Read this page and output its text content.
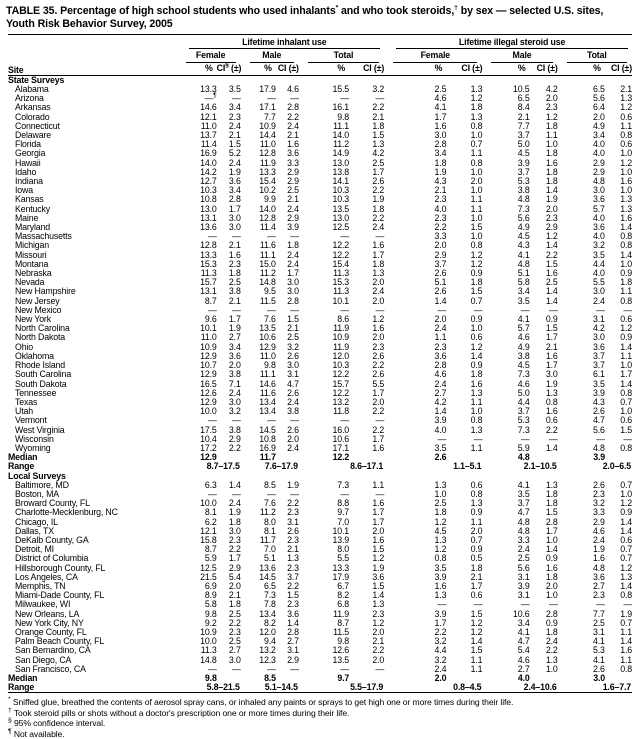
TABLE 35. Percentage of high school students who used inhalants* and who took steroids,† by sex — selected U.S. sites, Youth Risk Behavior Survey, 2005
Site	Lifetime inhalant use						Lifetime illegal steroid use					

	Female		Male		Total		Female		Male		Total	

	%	CI§ (±)	%	CI (±)	%	CI (±)	%	CI (±)	%	CI (±)	%	CI (±)
State Surveys												
Alabama	13.3	3.5	17.9	4.6	15.5	3.2	2.5	1.3	10.5	4.2	6.5	2.1
Arizona	—¶	—	—	—	—	—	4.6	1.2	6.5	2.0	5.6	1.3
Arkansas	14.6	3.4	17.1	2.8	16.1	2.2	4.1	1.8	8.4	2.3	6.4	1.2
Colorado	12.1	2.3	7.7	2.2	9.8	2.1	1.7	1.3	2.1	1.2	2.0	0.6
Connecticut	11.0	2.4	10.9	2.4	11.1	1.8	1.6	0.8	7.7	1.8	4.9	1.1
Delaware	13.7	2.1	14.4	2.1	14.0	1.5	3.0	1.0	3.7	1.1	3.4	0.8
Florida	11.4	1.5	11.0	1.6	11.2	1.3	2.8	0.7	5.0	1.0	4.0	0.6
Georgia	16.9	5.2	12.8	3.6	14.9	4.2	3.4	1.1	4.5	1.8	4.0	1.0
Hawaii	14.0	2.4	11.9	3.3	13.0	2.5	1.8	0.8	3.9	1.6	2.9	1.2
Idaho	14.2	1.9	13.3	2.9	13.8	1.7	1.9	1.0	3.7	1.8	2.9	1.0
Indiana	12.7	3.6	15.4	2.9	14.1	2.6	4.3	2.0	5.3	1.8	4.8	1.6
Iowa	10.3	3.4	10.2	2.5	10.3	2.2	2.1	1.0	3.8	1.4	3.0	1.0
Kansas	10.8	2.8	9.9	2.1	10.3	1.9	2.3	1.1	4.8	1.9	3.6	1.3
Kentucky	13.0	1.7	14.0	2.4	13.5	1.8	4.0	1.1	7.3	2.0	5.7	1.3
Maine	13.1	3.0	12.8	2.9	13.0	2.2	2.3	1.0	5.6	2.3	4.0	1.6
Maryland	13.6	3.0	11.4	3.9	12.5	2.4	2.2	1.5	4.9	2.9	3.6	1.4
Massachusetts	—	—	—	—	—	—	3.3	1.0	4.5	1.2	4.0	0.8
Michigan	12.8	2.1	11.6	1.8	12.2	1.6	2.0	0.8	4.3	1.4	3.2	0.8
Missouri	13.3	1.6	11.1	2.4	12.2	1.7	2.9	1.2	4.1	2.2	3.5	1.4
Montana	15.3	2.3	15.0	2.4	15.4	1.8	3.7	1.2	4.8	1.5	4.4	1.0
Nebraska	11.3	1.8	11.2	1.7	11.3	1.3	2.6	0.9	5.1	1.6	4.0	0.9
Nevada	15.7	2.5	14.8	3.0	15.3	2.0	5.1	1.8	5.8	2.5	5.5	1.8
New Hampshire	13.1	3.8	9.5	3.0	11.3	2.4	2.6	1.5	3.4	1.4	3.0	1.1
New Jersey	8.7	2.1	11.5	2.8	10.1	2.0	1.4	0.7	3.5	1.4	2.4	0.8
New Mexico	—	—	—	—	—	—	—	—	—	—	—	—
New York	9.6	1.7	7.6	1.5	8.6	1.2	2.0	0.9	4.1	0.9	3.1	0.6
North Carolina	10.1	1.9	13.5	2.1	11.9	1.6	2.4	1.0	5.7	1.5	4.2	1.2
North Dakota	11.0	2.7	10.6	2.5	10.9	2.0	1.1	0.6	4.6	1.7	3.0	0.9
Ohio	10.9	3.4	12.9	3.2	11.9	2.3	2.3	1.2	4.9	2.1	3.6	1.4
Oklahoma	12.9	3.6	11.0	2.6	12.0	2.6	3.6	1.4	3.8	1.6	3.7	1.1
Rhode Island	10.7	2.0	9.8	3.0	10.3	2.2	2.8	0.9	4.5	1.7	3.7	1.0
South Carolina	12.9	3.8	11.1	3.1	12.2	2.6	4.6	1.8	7.3	3.0	6.1	1.7
South Dakota	16.5	7.1	14.6	4.7	15.7	5.5	2.4	1.6	4.6	1.9	3.5	1.4
Tennessee	12.6	2.4	11.6	2.6	12.2	1.7	2.7	1.3	5.0	1.3	3.9	0.8
Texas	12.9	3.0	13.4	2.4	13.2	2.0	4.2	1.1	4.4	0.8	4.3	0.7
Utah	10.0	3.2	13.4	3.8	11.8	2.2	1.4	1.0	3.7	1.6	2.6	1.0
Vermont	—	—	—	—	—	—	3.9	0.8	5.3	0.6	4.7	0.6
West Virginia	17.5	3.8	14.5	2.6	16.0	2.2	4.0	1.3	7.3	2.2	5.6	1.5
Wisconsin	10.4	2.9	10.8	2.0	10.6	1.7	—	—	—	—	—	—
Wyoming	17.2	2.2	16.9	2.4	17.1	1.6	3.5	1.1	5.9	1.4	4.8	0.8
Median	12.9		11.7		12.2		2.6		4.8		3.9	
Range	8.7–17.5		7.6–17.9		8.6–17.1		1.1–5.1		2.1–10.5		2.0–6.5	
Local Surveys												
Baltimore, MD	6.3	1.4	8.5	1.9	7.3	1.1	1.3	0.6	4.1	1.3	2.6	0.7
Boston, MA	—	—	—	—	—	—	1.0	0.8	3.5	1.8	2.3	1.0
Broward County, FL	10.0	2.4	7.6	2.2	8.8	1.6	2.5	1.3	3.7	1.8	3.2	1.2
Charlotte-Mecklenburg, NC	8.1	1.9	11.2	2.3	9.7	1.7	1.8	0.9	4.7	1.5	3.3	0.9
Chicago, IL	6.2	1.8	8.0	3.1	7.0	1.7	1.2	1.1	4.8	2.8	2.9	1.4
Dallas, TX	12.1	3.0	8.1	2.6	10.1	2.0	4.5	2.0	4.8	1.7	4.6	1.4
DeKalb County, GA	15.8	2.3	11.7	2.3	13.9	1.6	1.3	0.7	3.3	1.0	2.4	0.6
Detroit, MI	8.7	2.2	7.0	2.1	8.0	1.5	1.2	0.9	2.4	1.4	1.9	0.7
District of Columbia	5.9	1.7	5.1	1.3	5.5	1.2	0.8	0.5	2.5	0.9	1.6	0.7
Hillsborough County, FL	12.5	2.9	13.6	2.3	13.3	1.9	3.5	1.8	5.6	1.6	4.8	1.2
Los Angeles, CA	21.5	5.4	14.5	3.7	17.9	3.6	3.9	2.1	3.1	1.8	3.6	1.3
Memphis, TN	6.9	2.0	6.5	2.2	6.7	1.5	1.6	1.7	3.9	2.0	2.7	1.4
Miami-Dade County, FL	8.9	2.1	7.3	1.5	8.2	1.4	1.3	0.6	3.1	1.0	2.3	0.8
Milwaukee, WI	5.8	1.8	7.8	2.3	6.8	1.3	—	—	—	—	—	—
New Orleans, LA	9.8	2.5	13.4	3.6	11.9	2.3	3.9	1.5	10.6	2.8	7.7	1.9
New York City, NY	9.2	2.2	8.2	1.4	8.7	1.2	1.7	1.2	3.4	0.9	2.5	0.7
Orange County, FL	10.9	2.3	12.0	2.8	11.5	2.0	2.2	1.2	4.1	1.8	3.1	1.1
Palm Beach County, FL	10.0	2.5	9.4	2.7	9.8	2.1	3.2	1.4	4.7	2.4	4.1	1.4
San Bernardino, CA	11.3	2.7	13.2	3.1	12.6	2.2	4.4	1.5	5.4	2.2	5.3	1.6
San Diego, CA	14.8	3.0	12.3	2.9	13.5	2.0	3.2	1.1	4.6	1.3	4.1	1.1
San Francisco, CA	—	—	—	—	—	—	2.4	1.1	2.7	1.0	2.6	0.8
Median	9.8		8.5		9.7		2.0		4.0		3.0	
Range	5.8–21.5		5.1–14.5		5.5–17.9		0.8–4.5		2.4–10.6		1.6–7.7	
* Sniffed glue, breathed the contents of aerosol spray cans, or inhaled any paints or sprays to get high one or more times during their life.
† Took steroid pills or shots without a doctor's prescription one or more times during their life.
§ 95% confidence interval.
¶ Not available.
